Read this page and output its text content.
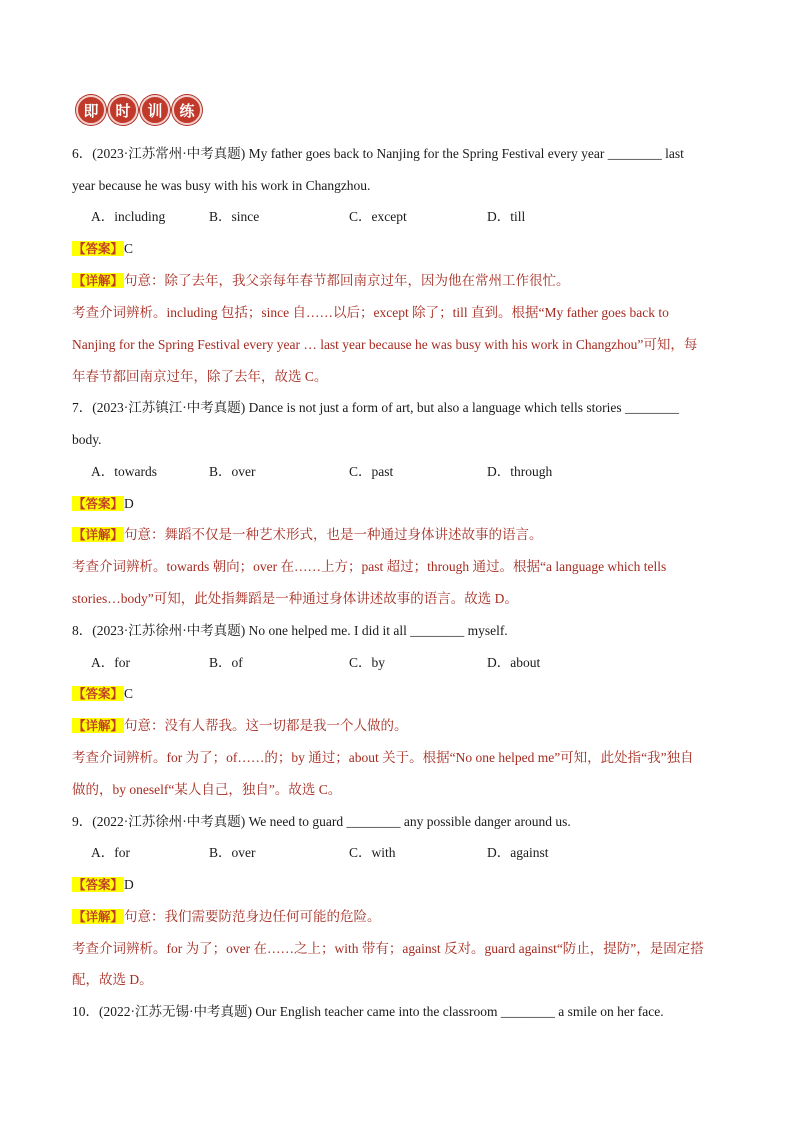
即	时	训	练
6．(2023·江苏常州·中考真题) My father goes back to Nanjing for the Spring Festival every year ________ last
year because he was busy with his work in Changzhou.
A．including	B．since	C．except	D．till
【答案】C
【详解】句意：除了去年，我父亲每年春节都回南京过年，因为他在常州工作很忙。
考查介词辨析。including 包括；since 自……以后；except 除了；till 直到。根据“My father goes back to
Nanjing for the Spring Festival every year … last year because he was busy with his work in Changzhou”可知，每
年春节都回南京过年，除了去年，故选 C。
7．(2023·江苏镇江·中考真题) Dance is not just a form of art, but also a language which tells stories ________
body.
A．towards	B．over	C．past	D．through
【答案】D
【详解】句意：舞蹈不仅是一种艺术形式，也是一种通过身体讲述故事的语言。
考查介词辨析。towards 朝向；over 在……上方；past 超过；through 通过。根据“a language which tells
stories…body”可知，此处指舞蹈是一种通过身体讲述故事的语言。故选 D。
8．(2023·江苏徐州·中考真题) No one helped me. I did it all ________ myself.
A．for	B．of	C．by	D．about
【答案】C
【详解】句意：没有人帮我。这一切都是我一个人做的。
考查介词辨析。for 为了；of……的；by 通过；about 关于。根据“No one helped me”可知，此处指“我”独自
做的，by oneself“某人自己，独自”。故选 C。
9．(2022·江苏徐州·中考真题) We need to guard ________ any possible danger around us.
A．for	B．over	C．with	D．against
【答案】D
【详解】句意：我们需要防范身边任何可能的危险。
考查介词辨析。for 为了；over 在……之上；with 带有；against 反对。guard against“防止，提防”，是固定搭
配，故选 D。
10．(2022·江苏无锡·中考真题) Our English teacher came into the classroom ________ a smile on her face.
